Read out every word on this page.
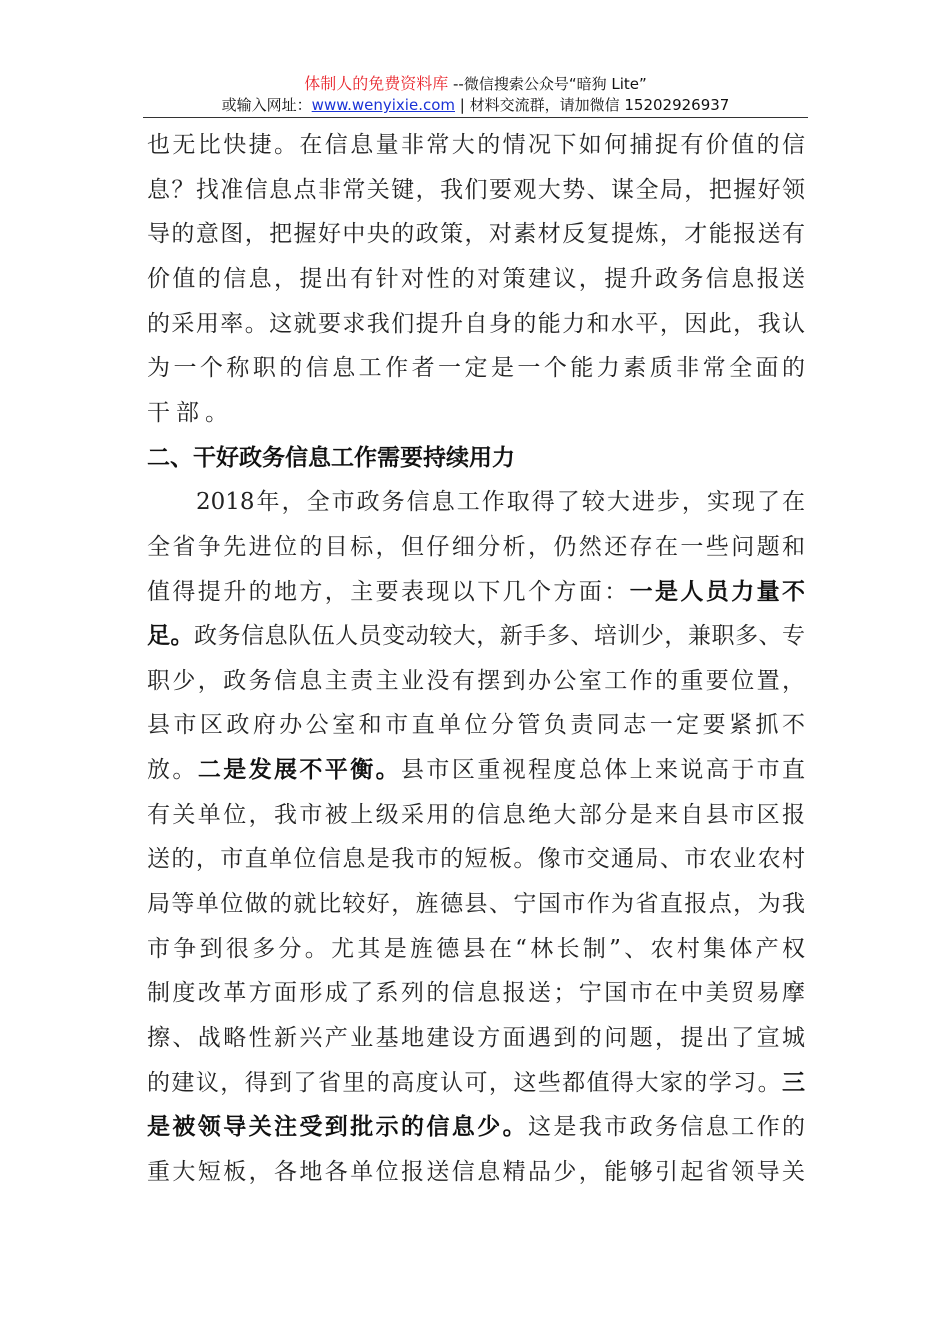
体制人的免费资料库 --微信搜索公众号“暗狗 Lite”
或输入网址：www.wenyixie.com | 材料交流群，请加微信 15202926937
也无比快捷。在信息量非常大的情况下如何捕捉有价值的信
息？找准信息点非常关键，我们要观大势、谋全局，把握好领
导的意图，把握好中央的政策，对素材反复提炼，才能报送有
价值的信息，提出有针对性的对策建议，提升政务信息报送
的采用率。这就要求我们提升自身的能力和水平，因此，我认
为一个称职的信息工作者一定是一个能力素质非常全面的
干部。
二、干好政务信息工作需要持续用力
2018年，全市政务信息工作取得了较大进步，实现了在
全省争先进位的目标，但仔细分析，仍然还存在一些问题和
值得提升的地方，主要表现以下几个方面：一是人员力量不
足。政务信息队伍人员变动较大，新手多、培训少，兼职多、专
职少，政务信息主责主业没有摆到办公室工作的重要位置，
县市区政府办公室和市直单位分管负责同志一定要紧抓不
放。二是发展不平衡。县市区重视程度总体上来说高于市直
有关单位，我市被上级采用的信息绝大部分是来自县市区报
送的，市直单位信息是我市的短板。像市交通局、市农业农村
局等单位做的就比较好，旌德县、宁国市作为省直报点，为我
市争到很多分。尤其是旌德县在“林长制”、农村集体产权
制度改革方面形成了系列的信息报送；宁国市在中美贸易摩
擦、战略性新兴产业基地建设方面遇到的问题，提出了宣城
的建议，得到了省里的高度认可，这些都值得大家的学习。三
是被领导关注受到批示的信息少。这是我市政务信息工作的
重大短板，各地各单位报送信息精品少，能够引起省领导关
